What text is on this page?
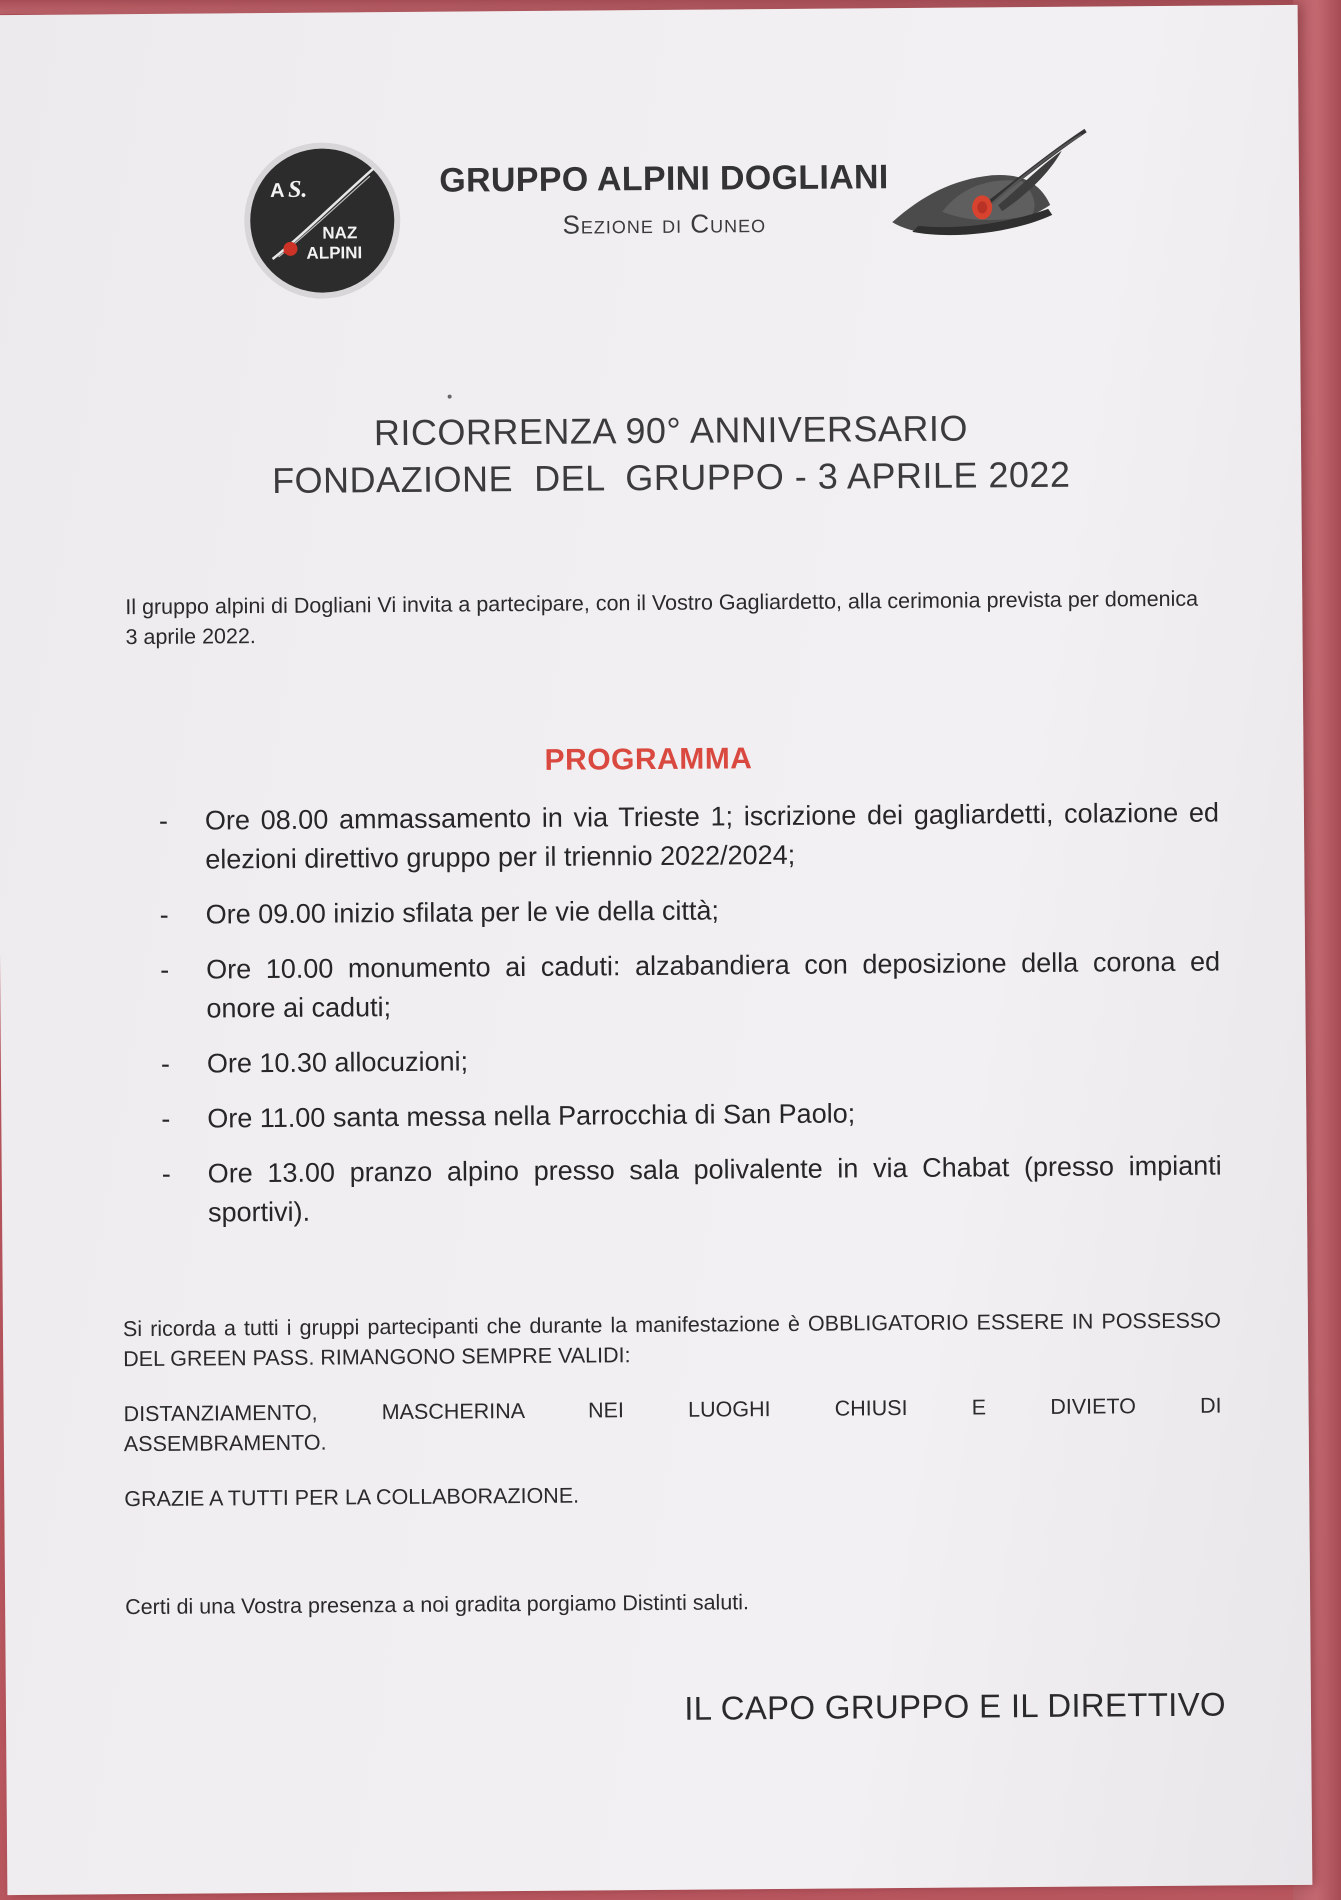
A S.
NAZ
ALPINI
GRUPPO ALPINI DOGLIANI
Sezione di Cuneo
RICORRENZA 90° ANNIVERSARIO
FONDAZIONE  DEL  GRUPPO - 3 APRILE 2022
Il gruppo alpini di Dogliani Vi invita a partecipare, con il Vostro Gagliardetto, alla cerimonia prevista per domenica 3 aprile 2022.
PROGRAMMA
-	Ore 08.00 ammassamento in via Trieste 1; iscrizione dei gagliardetti, colazione ed elezioni direttivo gruppo per il triennio 2022/2024;
-	Ore 09.00 inizio sfilata per le vie della città;
-	Ore 10.00 monumento ai caduti: alzabandiera con deposizione della corona ed onore ai caduti;
-	Ore 10.30 allocuzioni;
-	Ore 11.00 santa messa nella Parrocchia di San Paolo;
-	Ore 13.00 pranzo alpino presso sala polivalente in via Chabat (presso impianti sportivi).
Si ricorda a tutti i gruppi partecipanti che durante la manifestazione è OBBLIGATORIO ESSERE IN POSSESSO DEL GREEN PASS. RIMANGONO SEMPRE VALIDI:
DISTANZIAMENTO, MASCHERINA NEI LUOGHI CHIUSI E DIVIETO DI
ASSEMBRAMENTO.
GRAZIE A TUTTI PER LA COLLABORAZIONE.
Certi di una Vostra presenza a noi gradita porgiamo Distinti saluti.
IL CAPO GRUPPO E IL DIRETTIVO
